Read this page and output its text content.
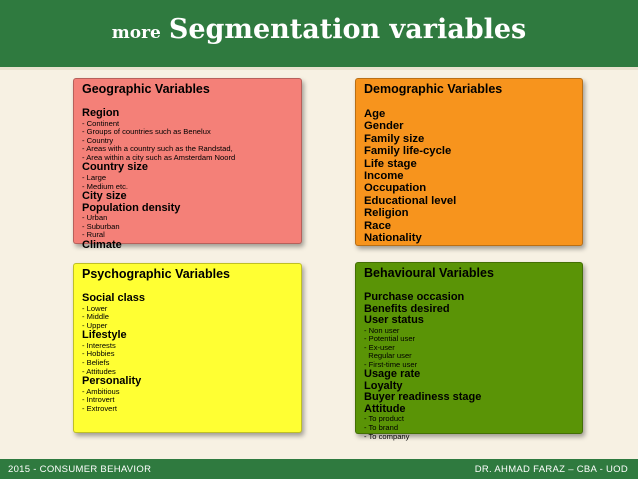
more Segmentation variables
Geographic Variables
Region
- Continent
- Groups of countries such as Benelux
- Country
- Areas with a country such as the Randstad,
- Area within a city such as Amsterdam Noord
Country size
- Large
- Medium etc.
City size
Population density
- Urban
- Suburban
- Rural
Climate
Demographic Variables
Age
Gender
Family size
Family life-cycle
Life stage
Income
Occupation
Educational level
Religion
Race
Nationality
Psychographic Variables
Social class
- Lower
- Middle
- Upper
Lifestyle
- Interests
- Hobbies
- Beliefs
- Attitudes
Personality
- Ambitious
- Introvert
- Extrovert
Behavioural Variables
Purchase occasion
Benefits desired
User status
- Non user
- Potential user
- Ex-user
Regular user
- First-time user
Usage rate
Loyalty
Buyer readiness stage
Attitude
- To product
- To brand
- To company
2015 - CONSUMER BEHAVIOR	DR. AHMAD FARAZ – CBA - UOD
